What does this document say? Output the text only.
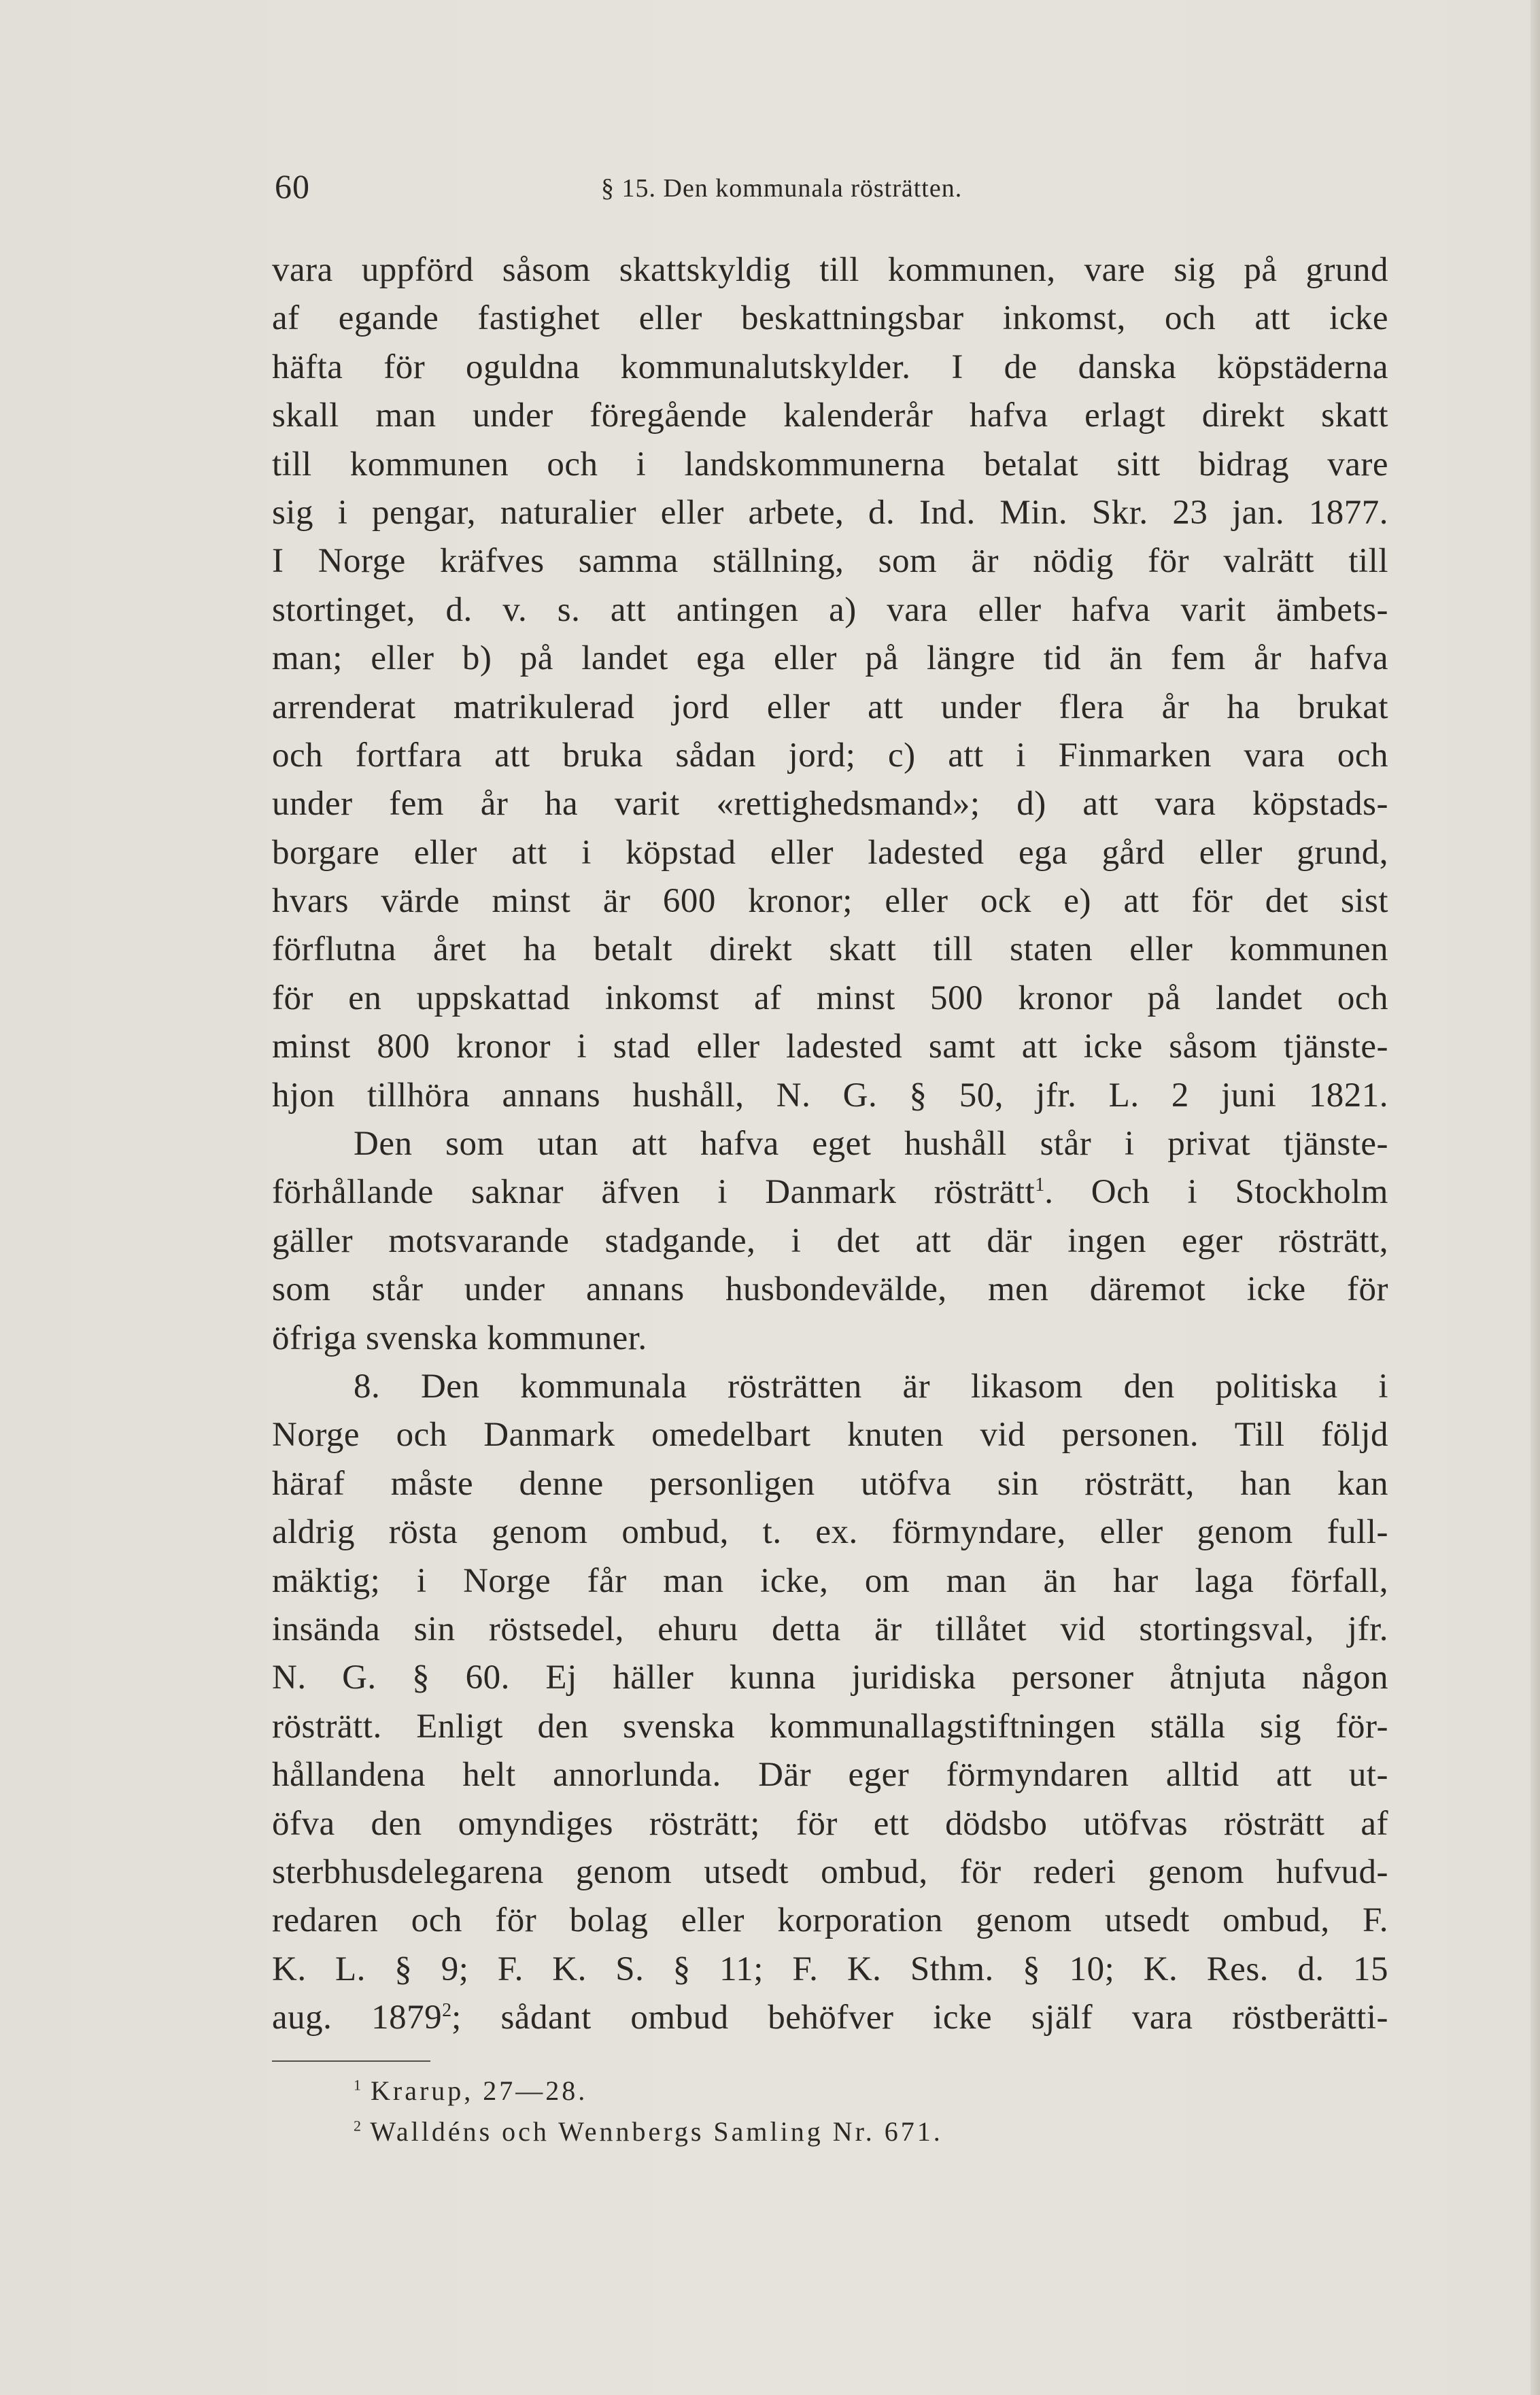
60	§ 15. Den kommunala rösträtten.
vara uppförd såsom skattskyldig till kommunen, vare sig på grund
af egande fastighet eller beskattningsbar inkomst, och att icke
häfta för oguldna kommunalutskylder. I de danska köpstäderna
skall man under föregående kalenderår hafva erlagt direkt skatt
till kommunen och i landskommunerna betalat sitt bidrag vare
sig i pengar, naturalier eller arbete, d. Ind. Min. Skr. 23 jan. 1877.
I Norge kräfves samma ställning, som är nödig för valrätt till
stortinget, d. v. s. att antingen a) vara eller hafva varit ämbets-
man; eller b) på landet ega eller på längre tid än fem år hafva
arrenderat matrikulerad jord eller att under flera år ha brukat
och fortfara att bruka sådan jord; c) att i Finmarken vara och
under fem år ha varit «rettighedsmand»; d) att vara köpstads-
borgare eller att i köpstad eller ladested ega gård eller grund,
hvars värde minst är 600 kronor; eller ock e) att för det sist
förflutna året ha betalt direkt skatt till staten eller kommunen
för en uppskattad inkomst af minst 500 kronor på landet och
minst 800 kronor i stad eller ladested samt att icke såsom tjänste-
hjon tillhöra annans hushåll, N. G. § 50, jfr. L. 2 juni 1821.
Den som utan att hafva eget hushåll står i privat tjänste-
förhållande saknar äfven i Danmark rösträtt$^1$. Och i Stockholm
gäller motsvarande stadgande, i det att där ingen eger rösträtt,
som står under annans husbondevälde, men däremot icke för
öfriga svenska kommuner.
8. Den kommunala rösträtten är likasom den politiska i
Norge och Danmark omedelbart knuten vid personen. Till följd
häraf måste denne personligen utöfva sin rösträtt, han kan
aldrig rösta genom ombud, t. ex. förmyndare, eller genom full-
mäktig; i Norge får man icke, om man än har laga förfall,
insända sin röstsedel, ehuru detta är tillåtet vid stortingsval, jfr.
N. G. § 60. Ej häller kunna juridiska personer åtnjuta någon
rösträtt. Enligt den svenska kommunallagstiftningen ställa sig för-
hållandena helt annorlunda. Där eger förmyndaren alltid att ut-
öfva den omyndiges rösträtt; för ett dödsbo utöfvas rösträtt af
sterbhusdelegarena genom utsedt ombud, för rederi genom hufvud-
redaren och för bolag eller korporation genom utsedt ombud, F.
K. L. § 9; F. K. S. § 11; F. K. Sthm. § 10; K. Res. d. 15
aug. 1879$^2$; sådant ombud behöfver icke själf vara röstberätti-
$^1$ Krarup, 27—28.
$^2$ Walldéns och Wennbergs Samling Nr. 671.
